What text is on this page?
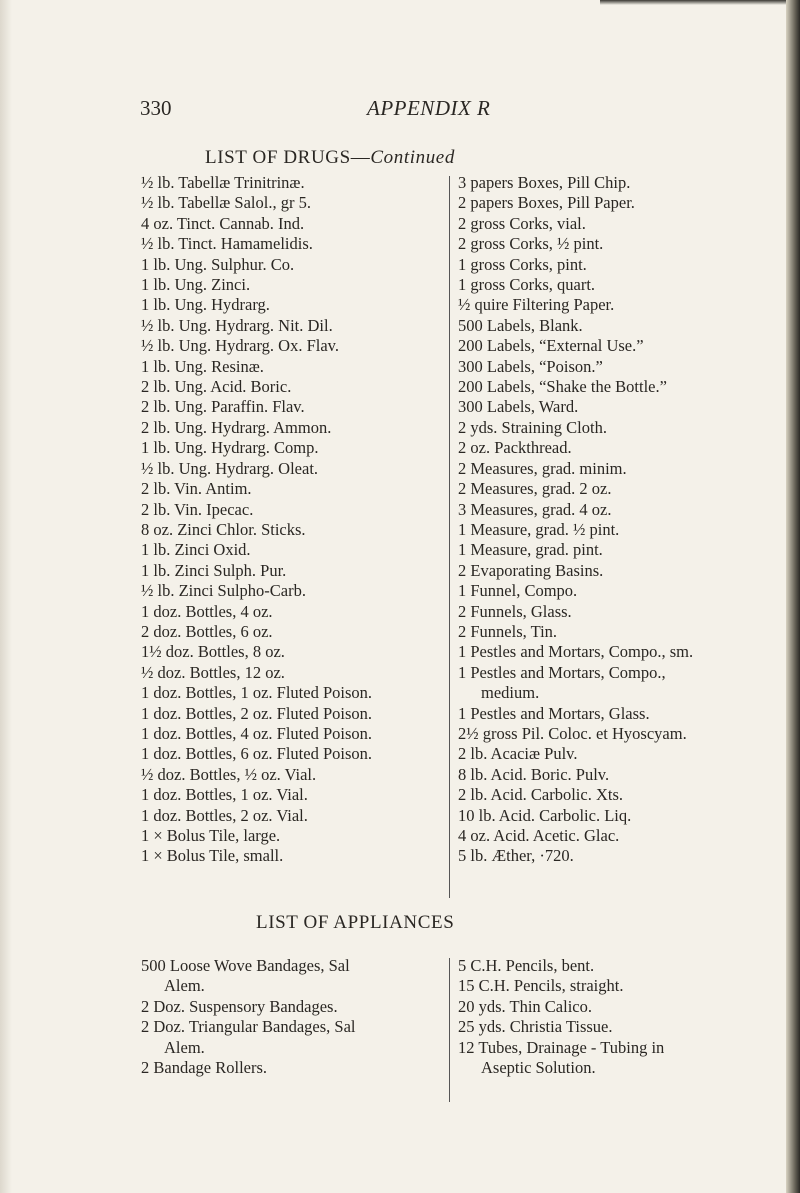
330	APPENDIX R
LIST OF DRUGS—Continued
½ lb. Tabellæ Trinitrinæ.
½ lb. Tabellæ Salol., gr 5.
4 oz. Tinct. Cannab. Ind.
½ lb. Tinct. Hamamelidis.
1 lb. Ung. Sulphur. Co.
1 lb. Ung. Zinci.
1 lb. Ung. Hydrarg.
½ lb. Ung. Hydrarg. Nit. Dil.
½ lb. Ung. Hydrarg. Ox. Flav.
1 lb. Ung. Resinæ.
2 lb. Ung. Acid. Boric.
2 lb. Ung. Paraffin. Flav.
2 lb. Ung. Hydrarg. Ammon.
1 lb. Ung. Hydrarg. Comp.
½ lb. Ung. Hydrarg. Oleat.
2 lb. Vin. Antim.
2 lb. Vin. Ipecac.
8 oz. Zinci Chlor. Sticks.
1 lb. Zinci Oxid.
1 lb. Zinci Sulph. Pur.
½ lb. Zinci Sulpho-Carb.
1 doz. Bottles, 4 oz.
2 doz. Bottles, 6 oz.
1½ doz. Bottles, 8 oz.
½ doz. Bottles, 12 oz.
1 doz. Bottles, 1 oz. Fluted Poison.
1 doz. Bottles, 2 oz. Fluted Poison.
1 doz. Bottles, 4 oz. Fluted Poison.
1 doz. Bottles, 6 oz. Fluted Poison.
½ doz. Bottles, ½ oz. Vial.
1 doz. Bottles, 1 oz. Vial.
1 doz. Bottles, 2 oz. Vial.
1 × Bolus Tile, large.
1 × Bolus Tile, small.
3 papers Boxes, Pill Chip.
2 papers Boxes, Pill Paper.
2 gross Corks, vial.
2 gross Corks, ½ pint.
1 gross Corks, pint.
1 gross Corks, quart.
½ quire Filtering Paper.
500 Labels, Blank.
200 Labels, “External Use.”
300 Labels, “Poison.”
200 Labels, “Shake the Bottle.”
300 Labels, Ward.
2 yds. Straining Cloth.
2 oz. Packthread.
2 Measures, grad. minim.
2 Measures, grad. 2 oz.
3 Measures, grad. 4 oz.
1 Measure, grad. ½ pint.
1 Measure, grad. pint.
2 Evaporating Basins.
1 Funnel, Compo.
2 Funnels, Glass.
2 Funnels, Tin.
1 Pestles and Mortars, Compo., sm.
1 Pestles and Mortars, Compo.,
medium.
1 Pestles and Mortars, Glass.
2½ gross Pil. Coloc. et Hyoscyam.
2 lb. Acaciæ Pulv.
8 lb. Acid. Boric. Pulv.
2 lb. Acid. Carbolic. Xts.
10 lb. Acid. Carbolic. Liq.
4 oz. Acid. Acetic. Glac.
5 lb. Æther, ·720.
LIST OF APPLIANCES
500 Loose Wove Bandages, Sal
Alem.
2 Doz. Suspensory Bandages.
2 Doz. Triangular Bandages, Sal
Alem.
2 Bandage Rollers.
5 C.H. Pencils, bent.
15 C.H. Pencils, straight.
20 yds. Thin Calico.
25 yds. Christia Tissue.
12 Tubes, Drainage - Tubing in
Aseptic Solution.
